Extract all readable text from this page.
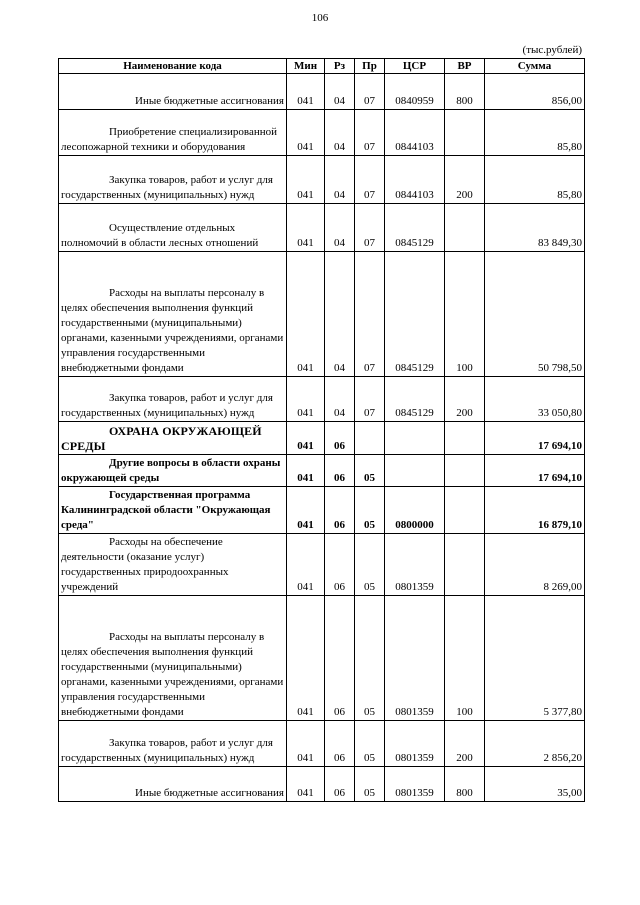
106
(тыс.рублей)
Наименование кода	Мин	Рз	Пр	ЦСР	ВР	Сумма

Иные бюджетные ассигнования	041	04	07	0840959	800	856,00

Приобретение специализированной лесопожарной техники и оборудования	041	04	07	0844103		85,80

Закупка товаров, работ и услуг для государственных (муниципальных) нужд	041	04	07	0844103	200	85,80

Осуществление отдельных полномочий в области лесных отношений	041	04	07	0845129		83 849,30

Расходы на выплаты персоналу в целях обеспечения выполнения функций государственными (муниципальными) органами, казенными учреждениями, органами управления государственными внебюджетными фондами	041	04	07	0845129	100	50 798,50

Закупка товаров, работ и услуг для государственных (муниципальных) нужд	041	04	07	0845129	200	33 050,80

ОХРАНА ОКРУЖАЮЩЕЙ СРЕДЫ	041	06				17 694,10

Другие вопросы в области охраны окружающей среды	041	06	05			17 694,10

Государственная программа Калининградской области "Окружающая среда"	041	06	05	0800000		16 879,10

Расходы на обеспечение деятельности (оказание услуг) государственных природоохранных учреждений	041	06	05	0801359		8 269,00

Расходы на выплаты персоналу в целях обеспечения выполнения функций государственными (муниципальными) органами, казенными учреждениями, органами управления государственными внебюджетными фондами	041	06	05	0801359	100	5 377,80

Закупка товаров, работ и услуг для государственных (муниципальных) нужд	041	06	05	0801359	200	2 856,20

Иные бюджетные ассигнования	041	06	05	0801359	800	35,00
